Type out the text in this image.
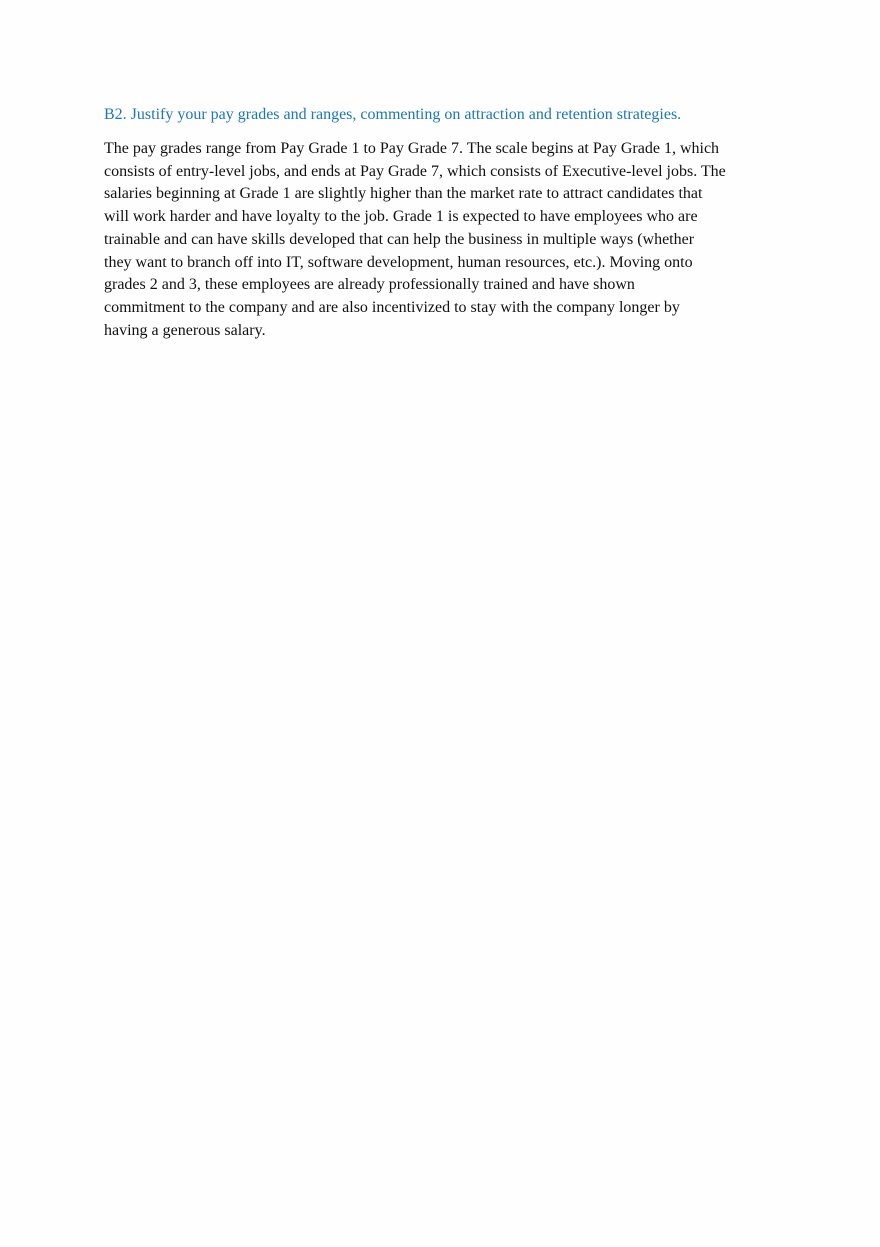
B2. Justify your pay grades and ranges, commenting on attraction and retention strategies.

The pay grades range from Pay Grade 1 to Pay Grade 7. The scale begins at Pay Grade 1, which
consists of entry-level jobs, and ends at Pay Grade 7, which consists of Executive-level jobs. The
salaries beginning at Grade 1 are slightly higher than the market rate to attract candidates that
will work harder and have loyalty to the job. Grade 1 is expected to have employees who are
trainable and can have skills developed that can help the business in multiple ways (whether
they want to branch off into IT, software development, human resources, etc.). Moving onto
grades 2 and 3, these employees are already professionally trained and have shown
commitment to the company and are also incentivized to stay with the company longer by
having a generous salary.
